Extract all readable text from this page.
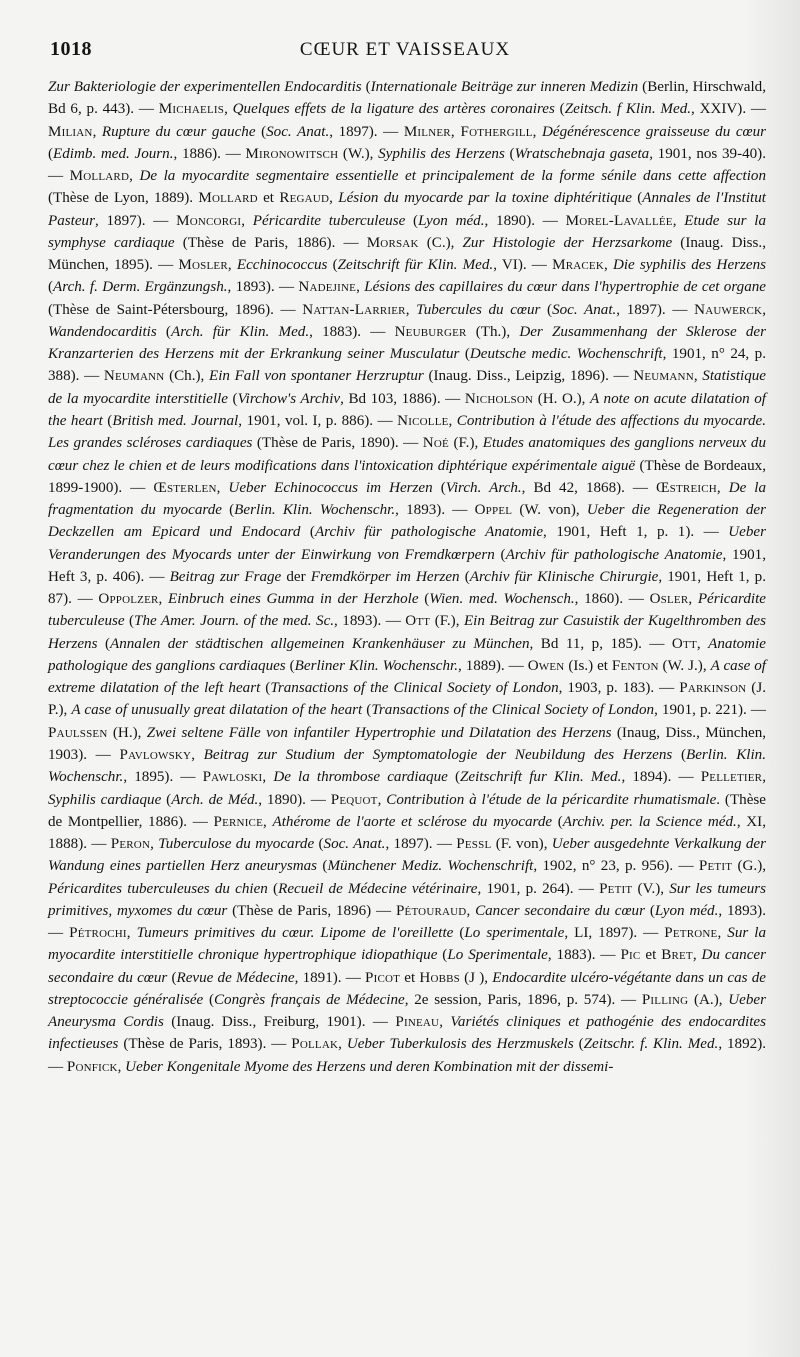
1018	CŒUR ET VAISSEAUX

Zur Bakteriologie der experimentellen Endocarditis (Internationale Beiträge zur inneren Medizin (Berlin, Hirschwald, Bd 6, p. 443). — Michaelis, Quelques effets de la ligature des artères coronaires (Zeitsch. f Klin. Med., XXIV). — Milian, Rupture du cœur gauche (Soc. Anat., 1897). — Milner, Fothergill, Dégénérescence graisseuse du cœur (Edimb. med. Journ., 1886). — Mironowitsch (W.), Syphilis des Herzens (Wratschebnaja gaseta, 1901, nos 39-40). — Mollard, De la myocardite segmentaire essentielle et principalement de la forme sénile dans cette affection (Thèse de Lyon, 1889). Mollard et Regaud, Lésion du myocarde par la toxine diphtéritique (Annales de l'Institut Pasteur, 1897). — Moncorgi, Péricardite tuberculeuse (Lyon méd., 1890). — Morel-Lavallée, Etude sur la symphyse cardiaque (Thèse de Paris, 1886). — Morsak (C.), Zur Histologie der Herzsarkome (Inaug. Diss., München, 1895). — Mosler, Ecchinococcus (Zeitschrift für Klin. Med., VI). — Mracek, Die syphilis des Herzens (Arch. f. Derm. Ergänzungsh., 1893). — Nadejine, Lésions des capillaires du cœur dans l'hypertrophie de cet organe (Thèse de Saint-Pétersbourg, 1896). — Nattan-Larrier, Tubercules du cœur (Soc. Anat., 1897). — Nauwerck, Wandendocarditis (Arch. für Klin. Med., 1883). — Neuburger (Th.), Der Zusammenhang der Sklerose der Kranzarterien des Herzens mit der Erkrankung seiner Musculatur (Deutsche medic. Wochenschrift, 1901, n° 24, p. 388). — Neumann (Ch.), Ein Fall von spontaner Herzruptur (Inaug. Diss., Leipzig, 1896). — Neumann, Statistique de la myocardite interstitielle (Virchow's Archiv, Bd 103, 1886). — Nicholson (H. O.), A note on acute dilatation of the heart (British med. Journal, 1901, vol. I, p. 886). — Nicolle, Contribution à l'étude des affections du myocarde. Les grandes scléroses cardiaques (Thèse de Paris, 1890). — Noé (F.), Etudes anatomiques des ganglions nerveux du cœur chez le chien et de leurs modifications dans l'intoxication diphtérique expérimentale aiguë (Thèse de Bordeaux, 1899-1900). — Œsterlen, Ueber Echinococcus im Herzen (Virch. Arch., Bd 42, 1868). — Œstreich, De la fragmentation du myocarde (Berlin. Klin. Wochenschr., 1893). — Oppel (W. von), Ueber die Regeneration der Deckzellen am Epicard und Endocard (Archiv für pathologische Anatomie, 1901, Heft 1, p. 1). — Ueber Veranderungen des Myocards unter der Einwirkung von Fremdkœrpern (Archiv für pathologische Anatomie, 1901, Heft 3, p. 406). — Beitrag zur Frage der Fremdkörper im Herzen (Archiv für Klinische Chirurgie, 1901, Heft 1, p. 87). — Oppolzer, Einbruch eines Gumma in der Herzhole (Wien. med. Wochensch., 1860). — Osler, Péricardite tuberculeuse (The Amer. Journ. of the med. Sc., 1893). — Ott (F.), Ein Beitrag zur Casuistik der Kugelthromben des Herzens (Annalen der städtischen allgemeinen Krankenhäuser zu München, Bd 11, p, 185). — Ott, Anatomie pathologique des ganglions cardiaques (Berliner Klin. Wochenschr., 1889). — Owen (Is.) et Fenton (W. J.), A case of extreme dilatation of the left heart (Transactions of the Clinical Society of London, 1903, p. 183). — Parkinson (J. P.), A case of unusually great dilatation of the heart (Transactions of the Clinical Society of London, 1901, p. 221). — Paulssen (H.), Zwei seltene Fälle von infantiler Hypertrophie und Dilatation des Herzens (Inaug, Diss., München, 1903). — Pavlowsky, Beitrag zur Studium der Symptomatologie der Neubildung des Herzens (Berlin. Klin. Wochenschr., 1895). — Pawloski, De la thrombose cardiaque (Zeitschrift fur Klin. Med., 1894). — Pelletier, Syphilis cardiaque (Arch. de Méd., 1890). — Pequot, Contribution à l'étude de la péricardite rhumatismale. (Thèse de Montpellier, 1886). — Pernice, Athérome de l'aorte et sclérose du myocarde (Archiv. per. la Science méd., XI, 1888). — Peron, Tuberculose du myocarde (Soc. Anat., 1897). — Pessl (F. von), Ueber ausgedehnte Verkalkung der Wandung eines partiellen Herz aneurysmas (Münchener Mediz. Wochenschrift, 1902, n° 23, p. 956). — Petit (G.), Péricardites tuberculeuses du chien (Recueil de Médecine vétérinaire, 1901, p. 264). — Petit (V.), Sur les tumeurs primitives, myxomes du cœur (Thèse de Paris, 1896) — Pétouraud, Cancer secondaire du cœur (Lyon méd., 1893). — Pétrochi, Tumeurs primitives du cœur. Lipome de l'oreillette (Lo sperimentale, LI, 1897). — Petrone, Sur la myocardite interstitielle chronique hypertrophique idiopathique (Lo Sperimentale, 1883). — Pic et Bret, Du cancer secondaire du cœur (Revue de Médecine, 1891). — Picot et Hobbs (J ), Endocardite ulcéro-végétante dans un cas de streptococcie généralisée (Congrès français de Médecine, 2e session, Paris, 1896, p. 574). — Pilling (A.), Ueber Aneurysma Cordis (Inaug. Diss., Freiburg, 1901). — Pineau, Variétés cliniques et pathogénie des endocardites infectieuses (Thèse de Paris, 1893). — Pollak, Ueber Tuberkulosis des Herzmuskels (Zeitschr. f. Klin. Med., 1892). — Ponfick, Ueber Kongenitale Myome des Herzens und deren Kombination mit der dissemi-
